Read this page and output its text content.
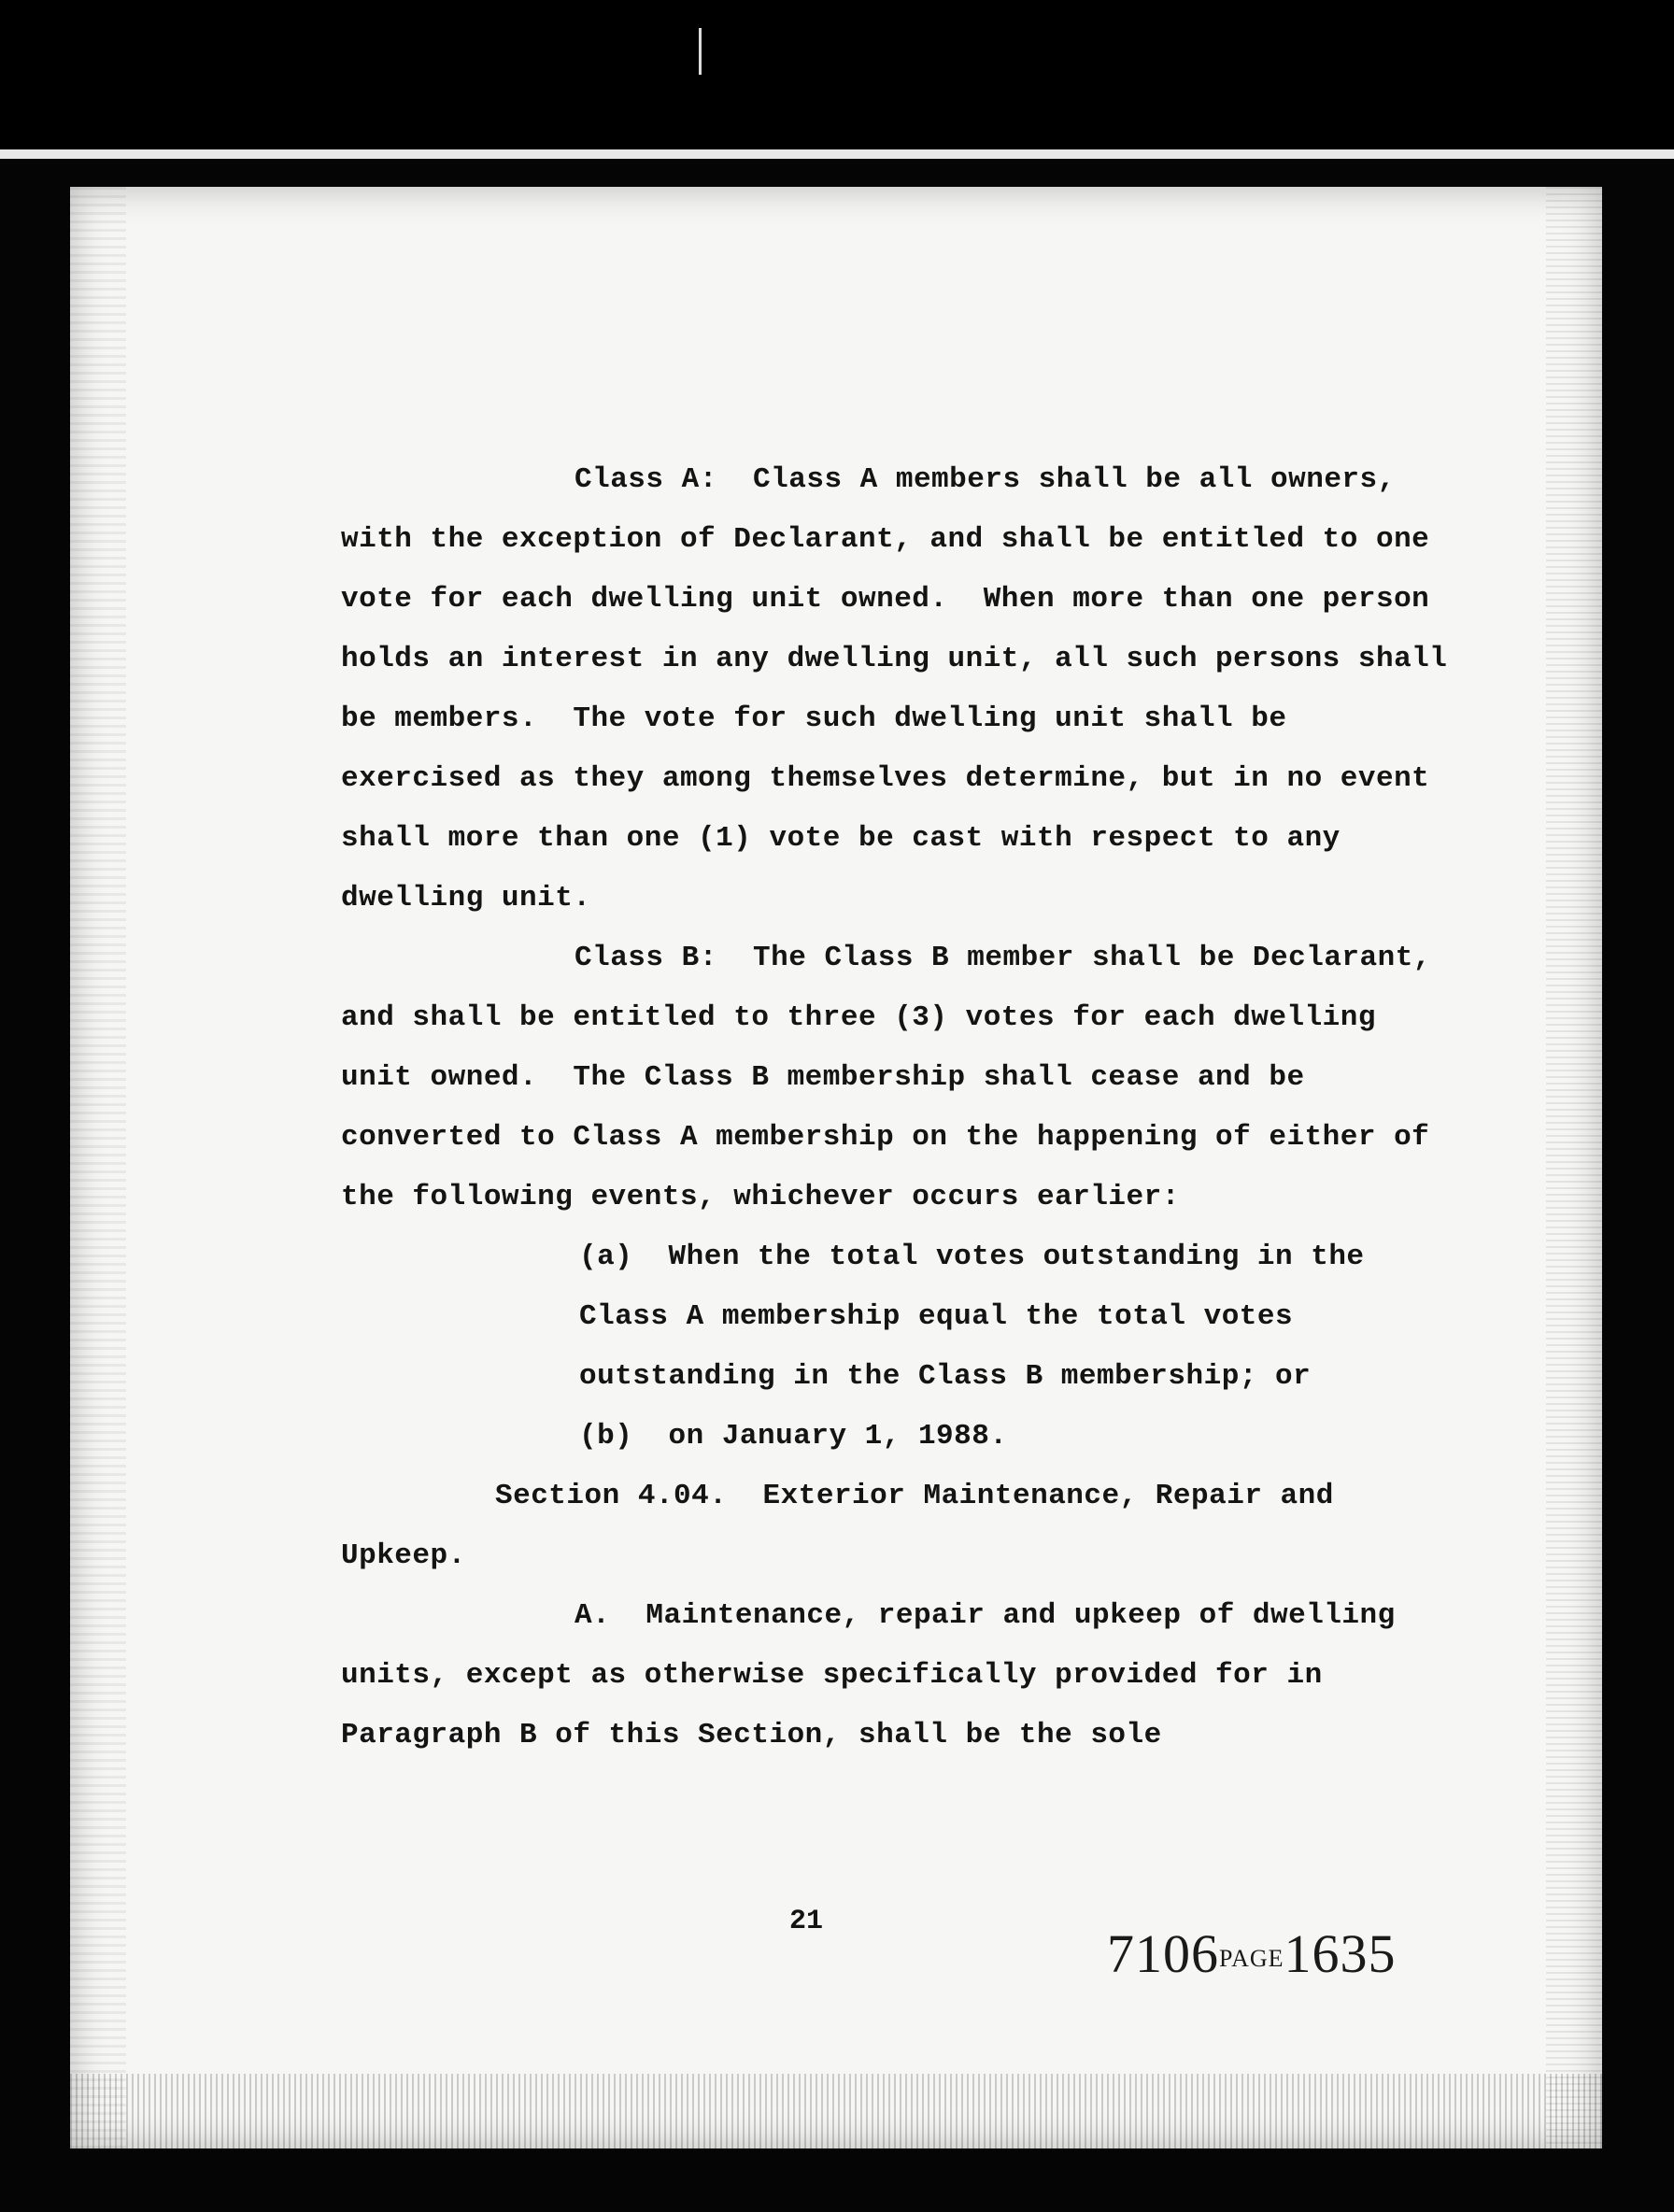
Class A:  Class A members shall be all owners, with the exception of Declarant, and shall be entitled to one vote for each dwelling unit owned.  When more than one person holds an interest in any dwelling unit, all such persons shall be members.  The vote for such dwelling unit shall be exercised as they among themselves determine, but in no event shall more than one (1) vote be cast with respect to any dwelling unit.

Class B:  The Class B member shall be Declarant, and shall be entitled to three (3) votes for each dwelling unit owned.  The Class B membership shall cease and be converted to Class A membership on the happening of either of the following events, whichever occurs earlier:

(a)  When the total votes outstanding in the Class A membership equal the total votes outstanding in the Class B membership; or

(b)  on January 1, 1988.

Section 4.04.  Exterior Maintenance, Repair and Upkeep.

A.  Maintenance, repair and upkeep of dwelling units, except as otherwise specifically provided for in Paragraph B of this Section, shall be the sole

21
7106PAGE1635
